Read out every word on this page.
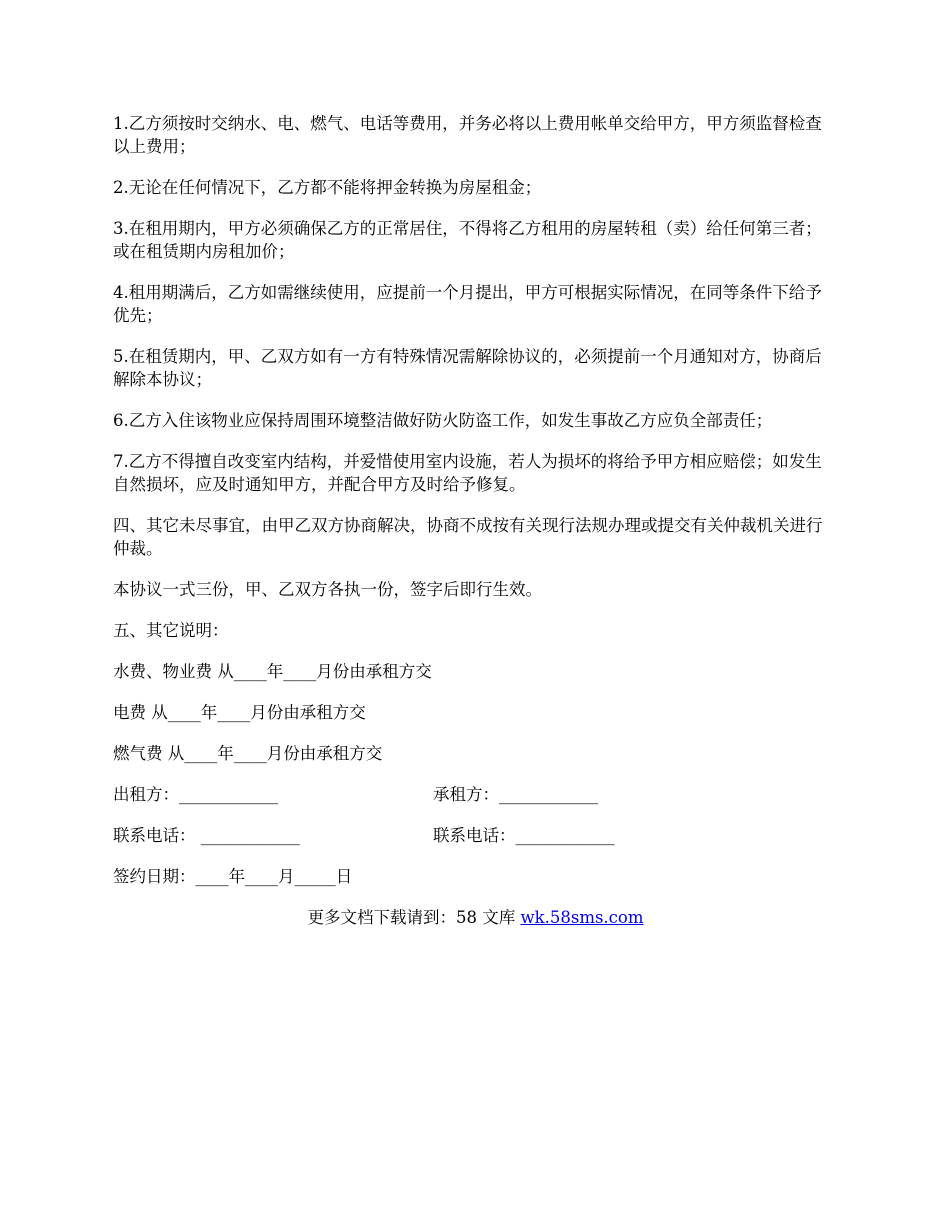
1.乙方须按时交纳水、电、燃气、电话等费用，并务必将以上费用帐单交给甲方，甲方须监督检查以上费用；

2.无论在任何情况下，乙方都不能将押金转换为房屋租金；

3.在租用期内，甲方必须确保乙方的正常居住，不得将乙方租用的房屋转租（卖）给任何第三者；或在租赁期内房租加价；

4.租用期满后，乙方如需继续使用，应提前一个月提出，甲方可根据实际情况，在同等条件下给予优先；

5.在租赁期内，甲、乙双方如有一方有特殊情况需解除协议的，必须提前一个月通知对方，协商后解除本协议；

6.乙方入住该物业应保持周围环境整洁做好防火防盗工作，如发生事故乙方应负全部责任；

7.乙方不得擅自改变室内结构，并爱惜使用室内设施，若人为损坏的将给予甲方相应赔偿；如发生自然损坏，应及时通知甲方，并配合甲方及时给予修复。

四、其它未尽事宜，由甲乙双方协商解决，协商不成按有关现行法规办理或提交有关仲裁机关进行仲裁。

本协议一式三份，甲、乙双方各执一份，签字后即行生效。

五、其它说明：

水费、物业费 从____年____月份由承租方交

电费 从____年____月份由承租方交

燃气费 从____年____月份由承租方交

出租方：____________	承租方：____________
联系电话： ____________	联系电话：____________
签约日期：____年____月_____日
更多文档下载请到：58 文库 wk.58sms.com
